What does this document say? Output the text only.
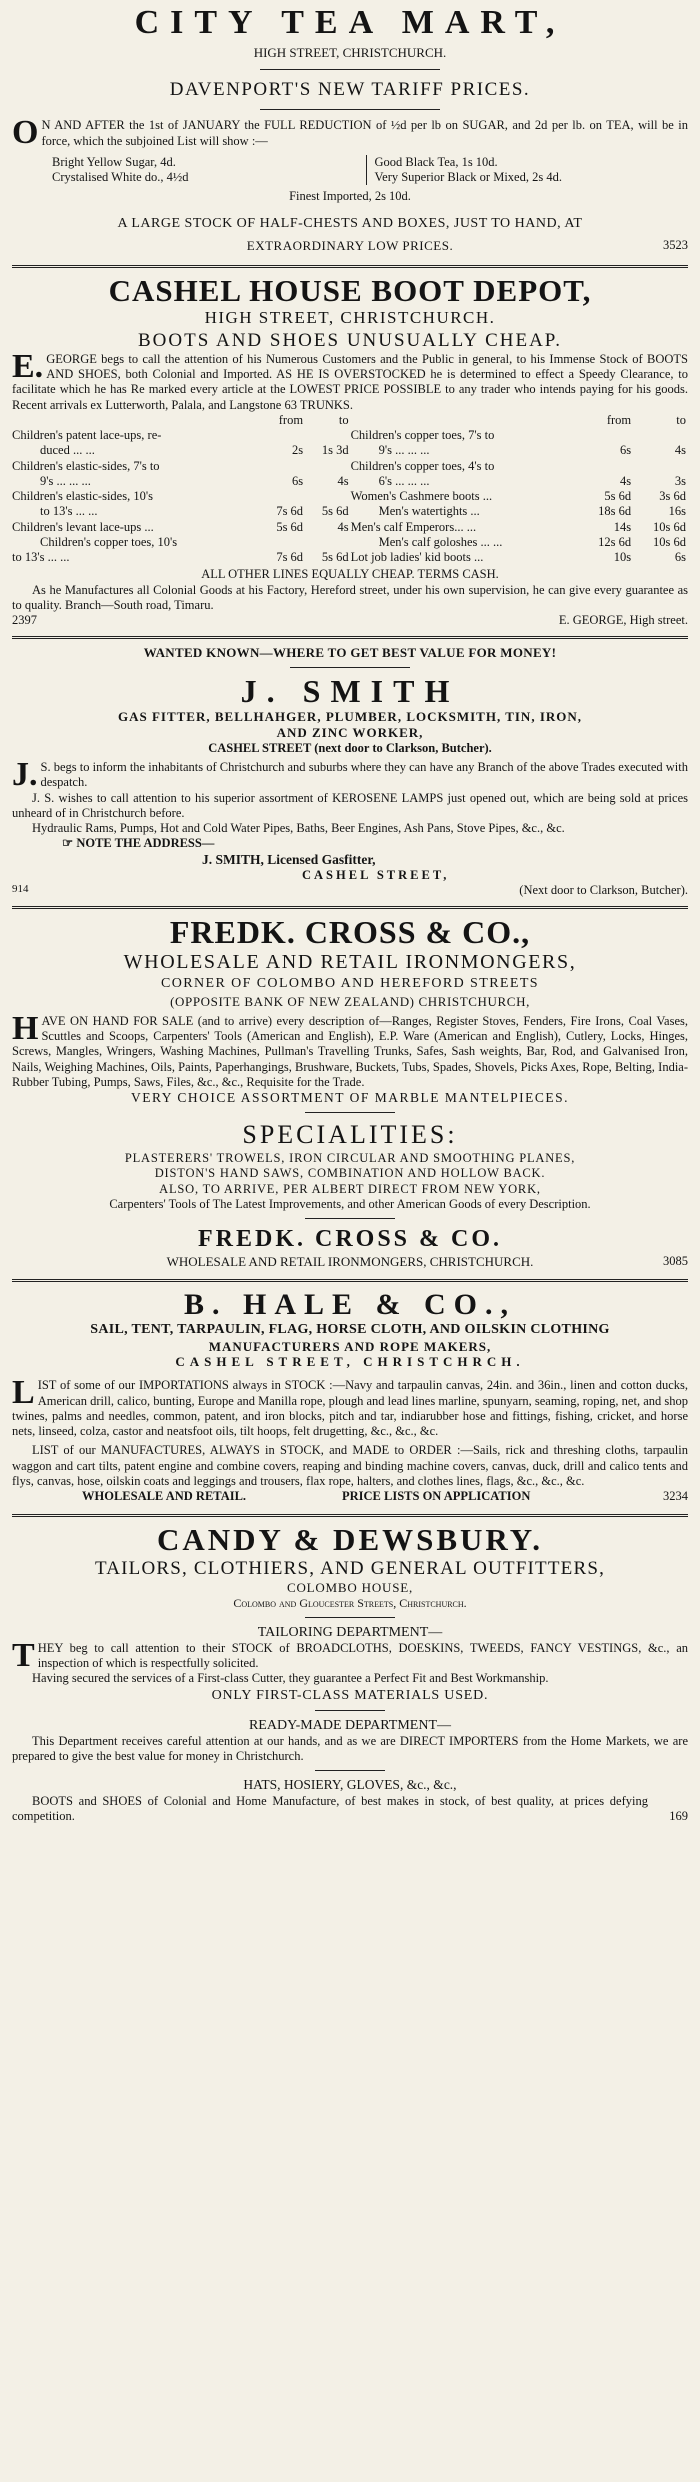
CITY TEA MART,
HIGH STREET, CHRISTCHURCH.
DAVENPORT'S NEW TARIFF PRICES.
ON AND AFTER the 1st of JANUARY the FULL REDUCTION of ½d per lb on SUGAR, and 2d per lb. on TEA, will be in force, which the subjoined List will show :—
Bright Yellow Sugar, 4d.
Crystalised White do., 4½d
Good Black Tea, 1s 10d.
Very Superior Black or Mixed, 2s 4d.
Finest Imported, 2s 10d.
A LARGE STOCK OF HALF-CHESTS AND BOXES, JUST TO HAND, AT
EXTRAORDINARY LOW PRICES.	3523
CASHEL HOUSE BOOT DEPOT,
HIGH STREET, CHRISTCHURCH.
BOOTS AND SHOES UNUSUALLY CHEAP.
E.GEORGE begs to call the attention of his Numerous Customers and the Public in general, to his Immense Stock of BOOTS AND SHOES, both Colonial and Imported. AS HE IS OVERSTOCKED he is determined to effect a Speedy Clearance, to facilitate which he has Re marked every article at the LOWEST PRICE POSSIBLE to any trader who intends paying for his goods. Recent arrivals ex Lutterworth, Palala, and Langstone 63 TRUNKS.
	from	to		from	to
Children's patent lace-ups, re-			Children's copper toes, 7's to		
duced ... ...	2s	1s 3d	9's ... ... ...	6s	4s
Children's elastic-sides, 7's to			Children's copper toes, 4's to		
9's ... ... ...	6s	4s	6's ... ... ...	4s	3s
Children's elastic-sides, 10's			Women's Cashmere boots ...	5s 6d	3s 6d
to 13's ... ...	7s 6d	5s 6d	Men's watertights ...	18s 6d	16s
Children's levant lace-ups ...	5s 6d	4s	Men's calf Emperors... ...	14s	10s 6d
Children's copper toes, 10's			Men's calf goloshes ... ...	12s 6d	10s 6d
to 13's ... ...	7s 6d	5s 6d	Lot job ladies' kid boots ...	10s	6s
ALL OTHER LINES EQUALLY CHEAP. TERMS CASH.
As he Manufactures all Colonial Goods at his Factory, Hereford street, under his own supervision, he can give every guarantee as to quality. Branch—South road, Timaru.
2397	E. GEORGE, High street.
WANTED KNOWN—WHERE TO GET BEST VALUE FOR MONEY!
J. SMITH
GAS FITTER, BELLHAHGER, PLUMBER, LOCKSMITH, TIN, IRON,
AND ZINC WORKER,
CASHEL STREET (next door to Clarkson, Butcher).
J.S. begs to inform the inhabitants of Christchurch and suburbs where they can have any Branch of the above Trades executed with despatch.
J. S. wishes to call attention to his superior assortment of KEROSENE LAMPS just opened out, which are being sold at prices unheard of in Christchurch before.
Hydraulic Rams, Pumps, Hot and Cold Water Pipes, Baths, Beer Engines, Ash Pans, Stove Pipes, &c., &c.
☞ NOTE THE ADDRESS—
J. SMITH, Licensed Gasfitter,
CASHEL STREET,
914	(Next door to Clarkson, Butcher).
FREDK. CROSS & CO.,
WHOLESALE AND RETAIL IRONMONGERS,
CORNER OF COLOMBO AND HEREFORD STREETS
(OPPOSITE BANK OF NEW ZEALAND) CHRISTCHURCH,
HAVE ON HAND FOR SALE (and to arrive) every description of—Ranges, Register Stoves, Fenders, Fire Irons, Coal Vases, Scuttles and Scoops, Carpenters' Tools (American and English), E.P. Ware (American and English), Cutlery, Locks, Hinges, Screws, Mangles, Wringers, Washing Machines, Pullman's Travelling Trunks, Safes, Sash weights, Bar, Rod, and Galvanised Iron, Nails, Weighing Machines, Oils, Paints, Paperhangings, Brushware, Buckets, Tubs, Spades, Shovels, Picks Axes, Rope, Belting, India-Rubber Tubing, Pumps, Saws, Files, &c., &c., Requisite for the Trade.
VERY CHOICE ASSORTMENT OF MARBLE MANTELPIECES.
SPECIALITIES:
PLASTERERS' TROWELS, IRON CIRCULAR AND SMOOTHING PLANES,
DISTON'S HAND SAWS, COMBINATION AND HOLLOW BACK.
ALSO, TO ARRIVE, PER ALBERT DIRECT FROM NEW YORK,
Carpenters' Tools of The Latest Improvements, and other American Goods of every Description.
FREDK. CROSS & CO.
WHOLESALE AND RETAIL IRONMONGERS, CHRISTCHURCH.	3085
B. HALE & CO.,
SAIL, TENT, TARPAULIN, FLAG, HORSE CLOTH, AND OILSKIN CLOTHING
MANUFACTURERS AND ROPE MAKERS,
CASHEL STREET, CHRISTCHRCH.
LIST of some of our IMPORTATIONS always in STOCK :—Navy and tarpaulin canvas, 24in. and 36in., linen and cotton ducks, American drill, calico, bunting, Europe and Manilla rope, plough and lead lines marline, spunyarn, seaming, roping, net, and shop twines, palms and needles, common, patent, and iron blocks, pitch and tar, indiarubber hose and fittings, fishing, cricket, and horse nets, linseed, colza, castor and neatsfoot oils, tilt hoops, felt drugetting, &c., &c., &c.
LIST of our MANUFACTURES, ALWAYS in STOCK, and MADE to ORDER :—Sails, rick and threshing cloths, tarpaulin waggon and cart tilts, patent engine and combine covers, reaping and binding machine covers, canvas, duck, drill and calico tents and flys, canvas, hose, oilskin coats and leggings and trousers, flax rope, halters, and clothes lines, flags, &c., &c., &c.
WHOLESALE AND RETAIL.	PRICE LISTS ON APPLICATION	3234
CANDY & DEWSBURY.
TAILORS, CLOTHIERS, AND GENERAL OUTFITTERS,
COLOMBO HOUSE,
Colombo and Gloucester Streets, Christchurch.
TAILORING DEPARTMENT—
THEY beg to call attention to their STOCK of BROADCLOTHS, DOESKINS, TWEEDS, FANCY VESTINGS, &c., an inspection of which is respectfully solicited.
Having secured the services of a First-class Cutter, they guarantee a Perfect Fit and Best Workmanship.
ONLY FIRST-CLASS MATERIALS USED.
READY-MADE DEPARTMENT—
This Department receives careful attention at our hands, and as we are DIRECT IMPORTERS from the Home Markets, we are prepared to give the best value for money in Christchurch.
HATS, HOSIERY, GLOVES, &c., &c.,
BOOTS and SHOES of Colonial and Home Manufacture, of best makes in stock, of best quality, at prices defying competition.	169
